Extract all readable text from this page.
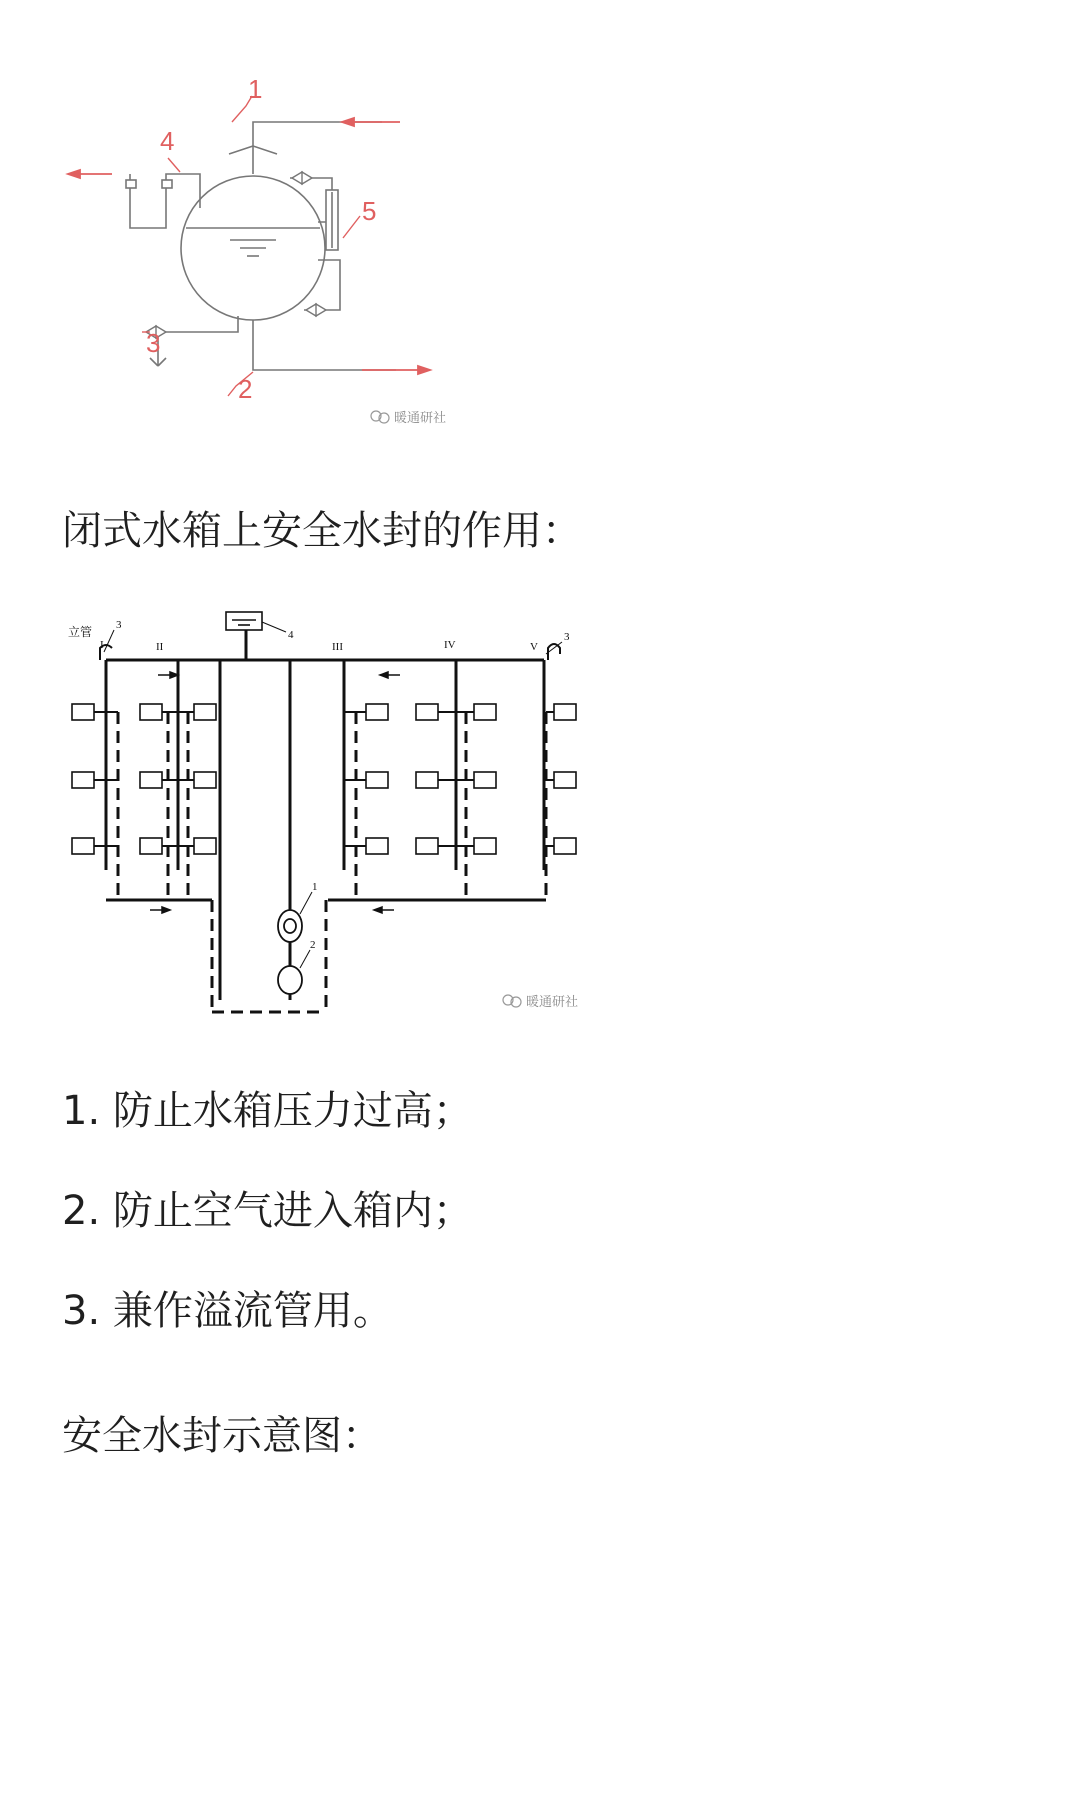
1
2
3
4
5
暖通研社
闭式水箱上安全水封的作用：
立管
I	II	III	IV	V
1
2
3
3
4
暖通研社
1. 防止水箱压力过高；
2. 防止空气进入箱内；
3. 兼作溢流管用。
安全水封示意图：
